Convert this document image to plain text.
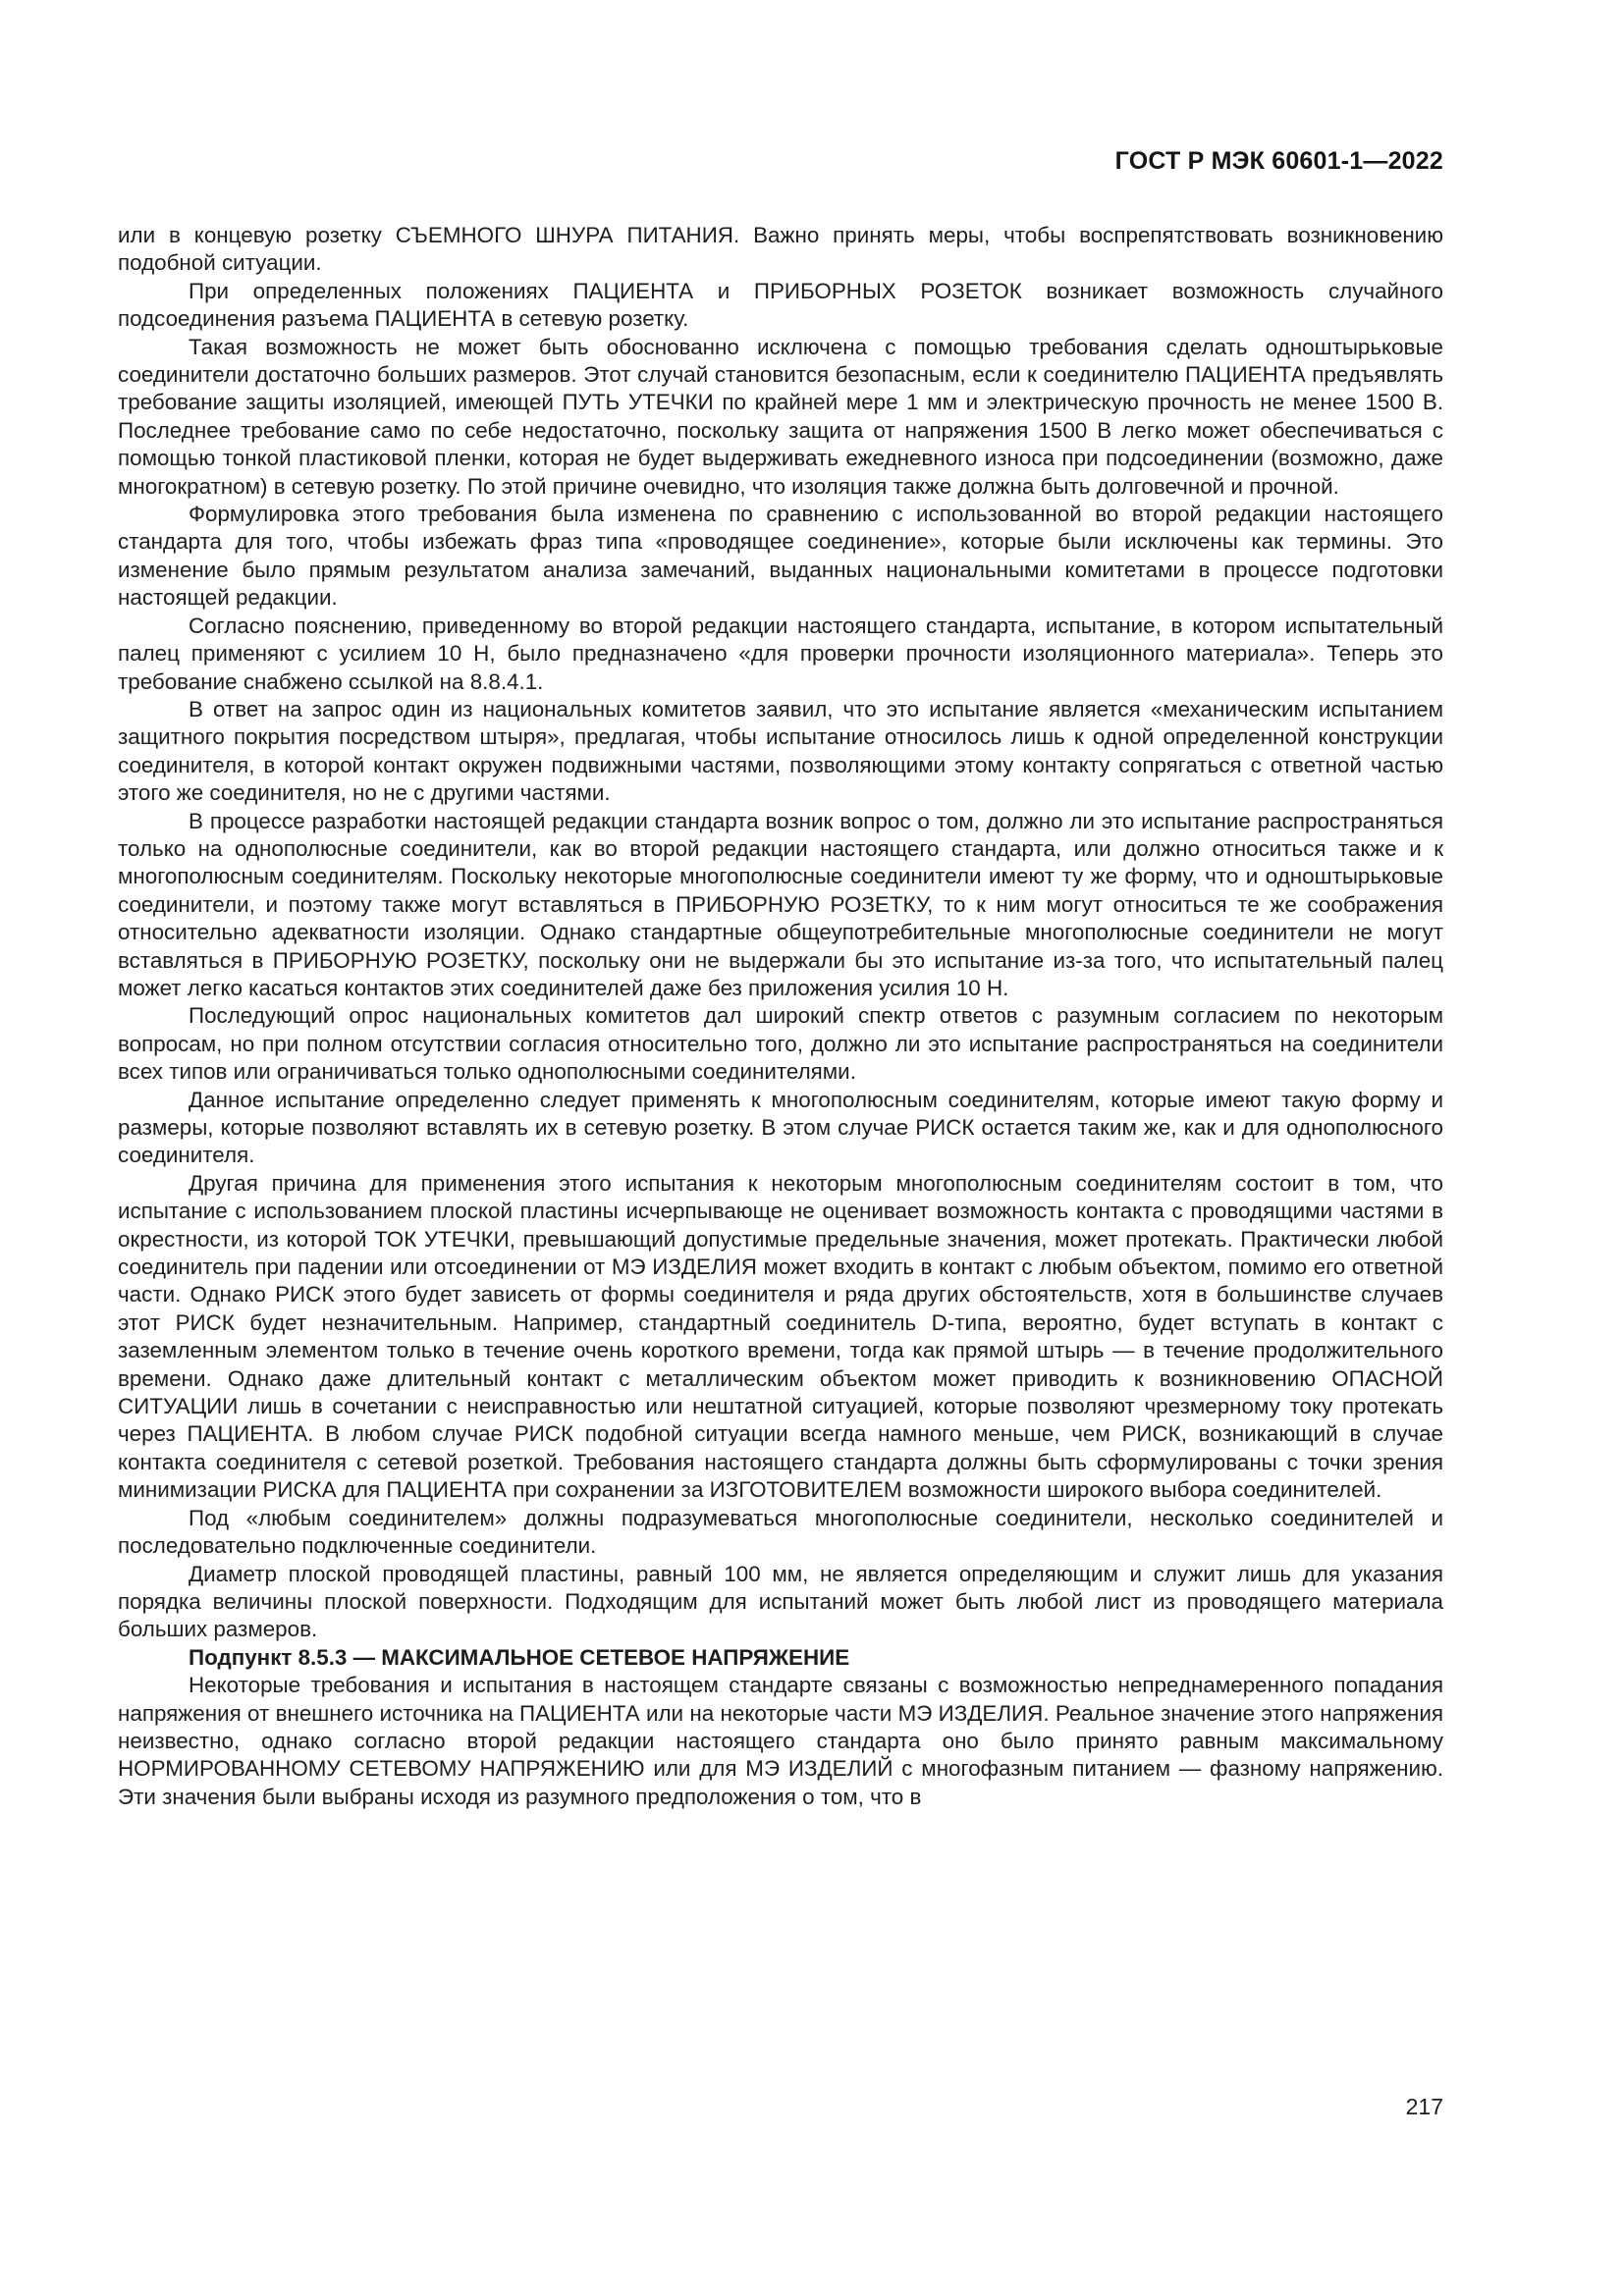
ГОСТ Р МЭК 60601-1—2022

или в концевую розетку СЪЕМНОГО ШНУРА ПИТАНИЯ. Важно принять меры, чтобы воспрепятствовать возникновению подобной ситуации.

При определенных положениях ПАЦИЕНТА и ПРИБОРНЫХ РОЗЕТОК возникает возможность случайного подсоединения разъема ПАЦИЕНТА в сетевую розетку.

Такая возможность не может быть обоснованно исключена с помощью требования сделать одноштырьковые соединители достаточно больших размеров. Этот случай становится безопасным, если к соединителю ПАЦИЕНТА предъявлять требование защиты изоляцией, имеющей ПУТЬ УТЕЧКИ по крайней мере 1 мм и электрическую прочность не менее 1500 В. Последнее требование само по себе недостаточно, поскольку защита от напряжения 1500 В легко может обеспечиваться с помощью тонкой пластиковой пленки, которая не будет выдерживать ежедневного износа при подсоединении (возможно, даже многократном) в сетевую розетку. По этой причине очевидно, что изоляция также должна быть долговечной и прочной.

Формулировка этого требования была изменена по сравнению с использованной во второй редакции настоящего стандарта для того, чтобы избежать фраз типа «проводящее соединение», которые были исключены как термины. Это изменение было прямым результатом анализа замечаний, выданных национальными комитетами в процессе подготовки настоящей редакции.

Согласно пояснению, приведенному во второй редакции настоящего стандарта, испытание, в котором испытательный палец применяют с усилием 10 Н, было предназначено «для проверки прочности изоляционного материала». Теперь это требование снабжено ссылкой на 8.8.4.1.

В ответ на запрос один из национальных комитетов заявил, что это испытание является «механическим испытанием защитного покрытия посредством штыря», предлагая, чтобы испытание относилось лишь к одной определенной конструкции соединителя, в которой контакт окружен подвижными частями, позволяющими этому контакту сопрягаться с ответной частью этого же соединителя, но не с другими частями.

В процессе разработки настоящей редакции стандарта возник вопрос о том, должно ли это испытание распространяться только на однополюсные соединители, как во второй редакции настоящего стандарта, или должно относиться также и к многополюсным соединителям. Поскольку некоторые многополюсные соединители имеют ту же форму, что и одноштырьковые соединители, и поэтому также могут вставляться в ПРИБОРНУЮ РОЗЕТКУ, то к ним могут относиться те же соображения относительно адекватности изоляции. Однако стандартные общеупотребительные многополюсные соединители не могут вставляться в ПРИБОРНУЮ РОЗЕТКУ, поскольку они не выдержали бы это испытание из-за того, что испытательный палец может легко касаться контактов этих соединителей даже без приложения усилия 10 Н.

Последующий опрос национальных комитетов дал широкий спектр ответов с разумным согласием по некоторым вопросам, но при полном отсутствии согласия относительно того, должно ли это испытание распространяться на соединители всех типов или ограничиваться только однополюсными соединителями.

Данное испытание определенно следует применять к многополюсным соединителям, которые имеют такую форму и размеры, которые позволяют вставлять их в сетевую розетку. В этом случае РИСК остается таким же, как и для однополюсного соединителя.

Другая причина для применения этого испытания к некоторым многополюсным соединителям состоит в том, что испытание с использованием плоской пластины исчерпывающе не оценивает возможность контакта с проводящими частями в окрестности, из которой ТОК УТЕЧКИ, превышающий допустимые предельные значения, может протекать. Практически любой соединитель при падении или отсоединении от МЭ ИЗДЕЛИЯ может входить в контакт с любым объектом, помимо его ответной части. Однако РИСК этого будет зависеть от формы соединителя и ряда других обстоятельств, хотя в большинстве случаев этот РИСК будет незначительным. Например, стандартный соединитель D-типа, вероятно, будет вступать в контакт с заземленным элементом только в течение очень короткого времени, тогда как прямой штырь — в течение продолжительного времени. Однако даже длительный контакт с металлическим объектом может приводить к возникновению ОПАСНОЙ СИТУАЦИИ лишь в сочетании с неисправностью или нештатной ситуацией, которые позволяют чрезмерному току протекать через ПАЦИЕНТА. В любом случае РИСК подобной ситуации всегда намного меньше, чем РИСК, возникающий в случае контакта соединителя с сетевой розеткой. Требования настоящего стандарта должны быть сформулированы с точки зрения минимизации РИСКА для ПАЦИЕНТА при сохранении за ИЗГОТОВИТЕЛЕМ возможности широкого выбора соединителей.

Под «любым соединителем» должны подразумеваться многополюсные соединители, несколько соединителей и последовательно подключенные соединители.

Диаметр плоской проводящей пластины, равный 100 мм, не является определяющим и служит лишь для указания порядка величины плоской поверхности. Подходящим для испытаний может быть любой лист из проводящего материала больших размеров.

Подпункт 8.5.3 — МАКСИМАЛЬНОЕ СЕТЕВОЕ НАПРЯЖЕНИЕ

Некоторые требования и испытания в настоящем стандарте связаны с возможностью непреднамеренного попадания напряжения от внешнего источника на ПАЦИЕНТА или на некоторые части МЭ ИЗДЕЛИЯ. Реальное значение этого напряжения неизвестно, однако согласно второй редакции настоящего стандарта оно было принято равным максимальному НОРМИРОВАННОМУ СЕТЕВОМУ НАПРЯЖЕНИЮ или для МЭ ИЗДЕЛИЙ с многофазным питанием — фазному напряжению. Эти значения были выбраны исходя из разумного предположения о том, что в

217
